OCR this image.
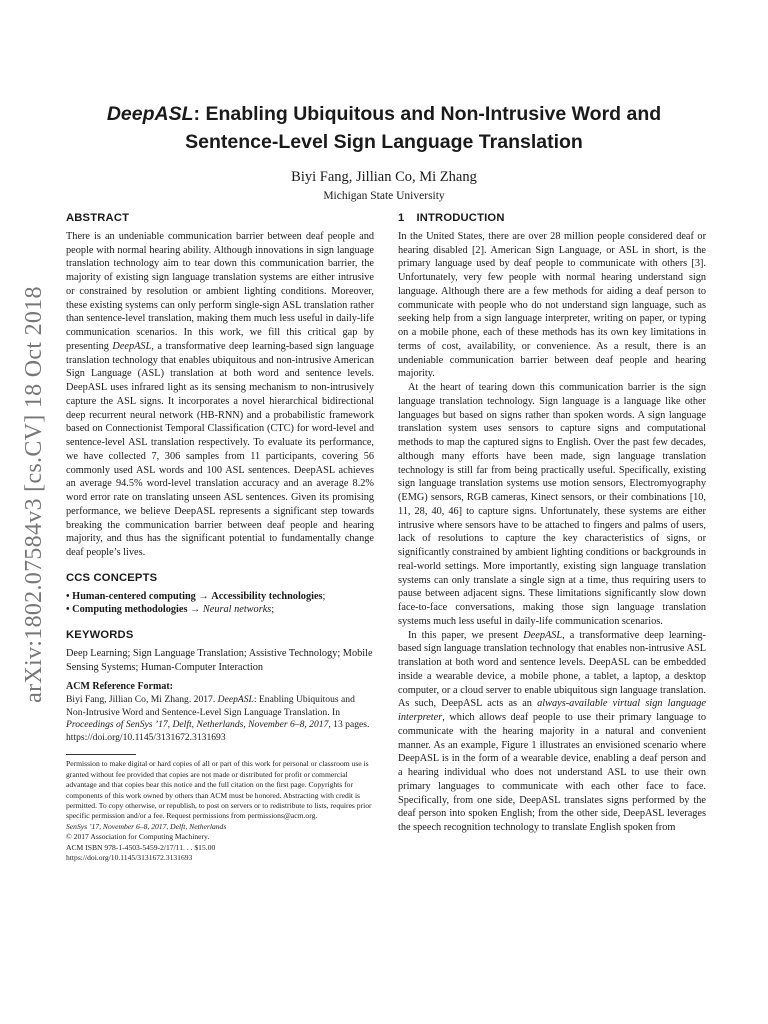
arXiv:1802.07584v3 [cs.CV] 18 Oct 2018
DeepASL: Enabling Ubiquitous and Non-Intrusive Word and
Sentence-Level Sign Language Translation

Biyi Fang, Jillian Co, Mi Zhang

Michigan State University

ABSTRACT

There is an undeniable communication barrier between deaf people and people with normal hearing ability. Although innovations in sign language translation technology aim to tear down this communication barrier, the majority of existing sign language translation systems are either intrusive or constrained by resolution or ambient lighting conditions. Moreover, these existing systems can only perform single-sign ASL translation rather than sentence-level translation, making them much less useful in daily-life communication scenarios. In this work, we fill this critical gap by presenting DeepASL, a transformative deep learning-based sign language translation technology that enables ubiquitous and non-intrusive American Sign Language (ASL) translation at both word and sentence levels. DeepASL uses infrared light as its sensing mechanism to non-intrusively capture the ASL signs. It incorporates a novel hierarchical bidirectional deep recurrent neural network (HB-RNN) and a probabilistic framework based on Connectionist Temporal Classification (CTC) for word-level and sentence-level ASL translation respectively. To evaluate its performance, we have collected 7, 306 samples from 11 participants, covering 56 commonly used ASL words and 100 ASL sentences. DeepASL achieves an average 94.5% word-level translation accuracy and an average 8.2% word error rate on translating unseen ASL sentences. Given its promising performance, we believe DeepASL represents a significant step towards breaking the communication barrier between deaf people and hearing majority, and thus has the significant potential to fundamentally change deaf people’s lives.

CCS CONCEPTS

• Human-centered computing → Accessibility technologies;

• Computing methodologies → Neural networks;

KEYWORDS

Deep Learning; Sign Language Translation; Assistive Technology; Mobile Sensing Systems; Human-Computer Interaction

ACM Reference Format:

Biyi Fang, Jillian Co, Mi Zhang. 2017. DeepASL: Enabling Ubiquitous and Non-Intrusive Word and Sentence-Level Sign Language Translation. In Proceedings of SenSys ’17, Delft, Netherlands, November 6–8, 2017, 13 pages. https://doi.org/10.1145/3131672.3131693

Permission to make digital or hard copies of all or part of this work for personal or classroom use is granted without fee provided that copies are not made or distributed for profit or commercial advantage and that copies bear this notice and the full citation on the first page. Copyrights for components of this work owned by others than ACM must be honored. Abstracting with credit is permitted. To copy otherwise, or republish, to post on servers or to redistribute to lists, requires prior specific permission and/or a fee. Request permissions from permissions@acm.org.

SenSys ’17, November 6–8, 2017, Delft, Netherlands

© 2017 Association for Computing Machinery.

ACM ISBN 978-1-4503-5459-2/17/11. . . $15.00

https://doi.org/10.1145/3131672.3131693

1 INTRODUCTION

In the United States, there are over 28 million people considered deaf or hearing disabled [2]. American Sign Language, or ASL in short, is the primary language used by deaf people to communicate with others [3]. Unfortunately, very few people with normal hearing understand sign language. Although there are a few methods for aiding a deaf person to communicate with people who do not understand sign language, such as seeking help from a sign language interpreter, writing on paper, or typing on a mobile phone, each of these methods has its own key limitations in terms of cost, availability, or convenience. As a result, there is an undeniable communication barrier between deaf people and hearing majority.

At the heart of tearing down this communication barrier is the sign language translation technology. Sign language is a language like other languages but based on signs rather than spoken words. A sign language translation system uses sensors to capture signs and computational methods to map the captured signs to English. Over the past few decades, although many efforts have been made, sign language translation technology is still far from being practically useful. Specifically, existing sign language translation systems use motion sensors, Electromyography (EMG) sensors, RGB cameras, Kinect sensors, or their combinations [10, 11, 28, 40, 46] to capture signs. Unfortunately, these systems are either intrusive where sensors have to be attached to fingers and palms of users, lack of resolutions to capture the key characteristics of signs, or significantly constrained by ambient lighting conditions or backgrounds in real-world settings. More importantly, existing sign language translation systems can only translate a single sign at a time, thus requiring users to pause between adjacent signs. These limitations significantly slow down face-to-face conversations, making those sign language translation systems much less useful in daily-life communication scenarios.

In this paper, we present DeepASL, a transformative deep learning-based sign language translation technology that enables non-intrusive ASL translation at both word and sentence levels. DeepASL can be embedded inside a wearable device, a mobile phone, a tablet, a laptop, a desktop computer, or a cloud server to enable ubiquitous sign language translation. As such, DeepASL acts as an always-available virtual sign language interpreter, which allows deaf people to use their primary language to communicate with the hearing majority in a natural and convenient manner. As an example, Figure 1 illustrates an envisioned scenario where DeepASL is in the form of a wearable device, enabling a deaf person and a hearing individual who does not understand ASL to use their own primary languages to communicate with each other face to face. Specifically, from one side, DeepASL translates signs performed by the deaf person into spoken English; from the other side, DeepASL leverages the speech recognition technology to translate English spoken from
